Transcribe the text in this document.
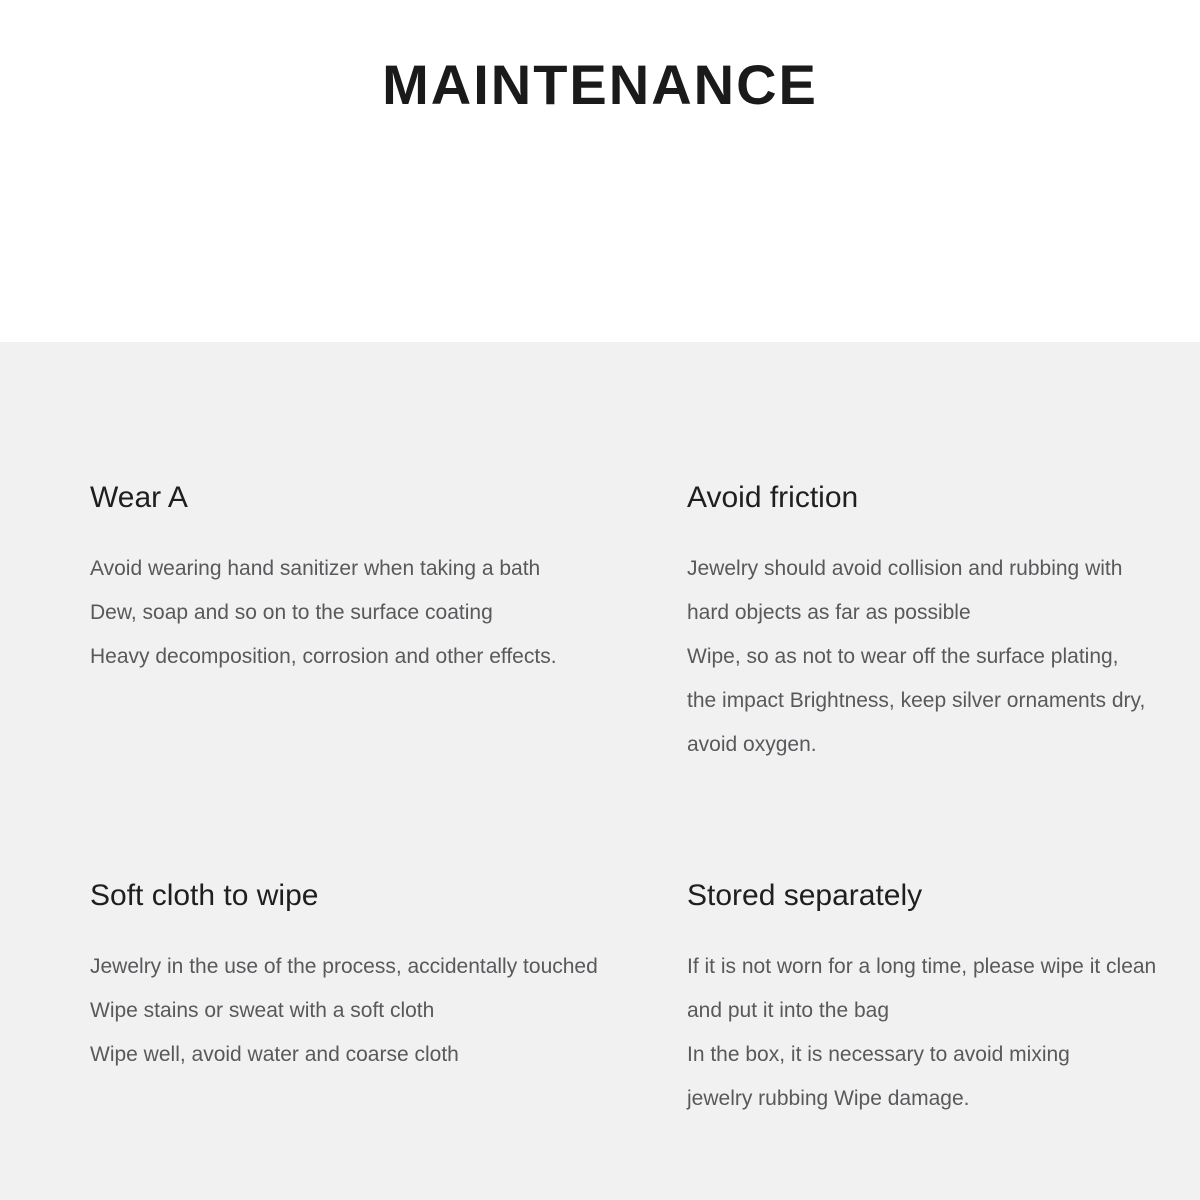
MAINTENANCE
Wear A
Avoid wearing hand sanitizer when taking a bath
Dew, soap and so on to the surface coating
Heavy decomposition, corrosion and other effects.
Avoid friction
Jewelry should avoid collision and rubbing with
hard objects as far as possible
Wipe, so as not to wear off the surface plating,
the impact Brightness, keep silver ornaments dry,
avoid oxygen.
Soft cloth to wipe
Jewelry in the use of the process, accidentally touched
Wipe stains or sweat with a soft cloth
Wipe well, avoid water and coarse cloth
Stored separately
If it is not worn for a long time, please wipe it clean
and put it into the bag
In the box, it is necessary to avoid mixing
jewelry rubbing Wipe damage.
